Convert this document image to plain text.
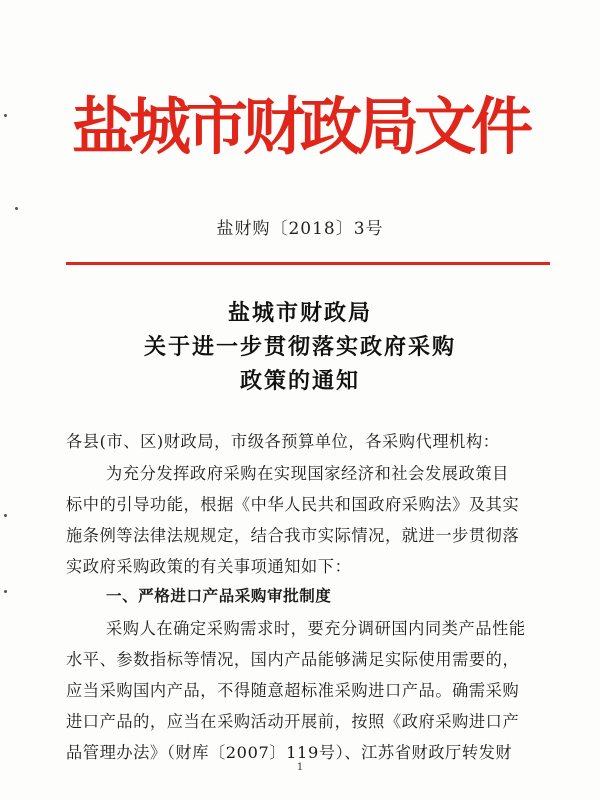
盐城市财政局文件
盐财购〔2018〕3号
盐城市财政局
关于进一步贯彻落实政府采购
政策的通知
各县(市、区)财政局，市级各预算单位，各采购代理机构：
为充分发挥政府采购在实现国家经济和社会发展政策目
标中的引导功能，根据《中华人民共和国政府采购法》及其实
施条例等法律法规规定，结合我市实际情况，就进一步贯彻落
实政府采购政策的有关事项通知如下：
一、严格进口产品采购审批制度
采购人在确定采购需求时，要充分调研国内同类产品性能
水平、参数指标等情况，国内产品能够满足实际使用需要的，
应当采购国内产品，不得随意超标准采购进口产品。确需采购
进口产品的，应当在采购活动开展前，按照《政府采购进口产
品管理办法》（财库〔2007〕119号）、江苏省财政厅转发财
1
